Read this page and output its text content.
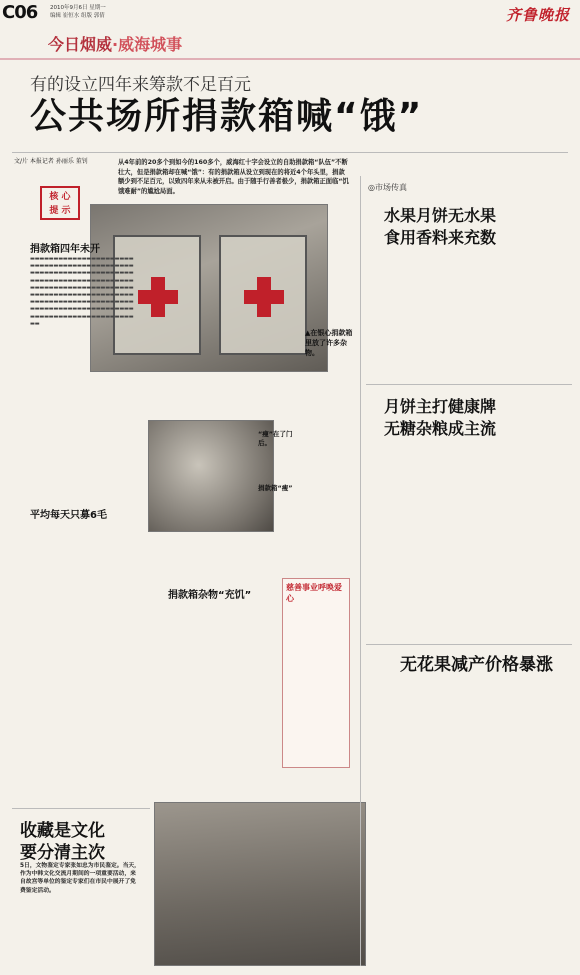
C06	2010年9月6日 星期一
编辑 崔恒水 组版 郭倩	齐鲁晚报
今日烟威·威海城事
有的设立四年来筹款不足百元
公共场所捐款箱喊“饿”
文/片 本报记者 孙丽乐 董钊
核 心 提 示
从4年前的20多个到如今的160多个，威海红十字会设立的自助捐款箱“队伍”不断壮大，但是捐款箱却在喊“饿”：有的捐款箱从设立到现在的将近4个年头里，捐款额少到不足百元，以致四年来从未被开启。由于随手行善者极少，捐款箱正面临“饥饿难耐”的尴尬局面。
▲在银心捐款箱里放了许多杂物。
捐款箱四年未开
▬▬▬▬▬▬▬▬▬▬▬▬▬▬▬▬▬▬▬▬▬▬▬▬▬▬▬▬▬▬▬▬▬▬▬▬▬▬▬▬▬▬▬▬▬▬▬▬▬▬▬▬▬▬▬▬▬▬▬▬▬▬▬▬▬▬▬▬▬▬▬▬▬▬▬▬▬▬▬▬▬▬▬▬▬▬▬▬▬▬▬▬▬▬▬▬▬▬▬▬▬▬▬▬▬▬▬▬▬▬▬▬▬▬▬▬▬▬▬▬▬▬▬▬▬▬▬▬▬▬▬▬▬▬▬▬▬▬▬▬▬▬▬▬▬▬▬▬▬▬▬▬▬▬▬▬▬▬▬▬▬▬▬▬▬▬▬▬▬▬▬▬▬▬▬▬▬▬▬▬▬▬▬▬▬▬▬▬▬▬▬▬▬▬▬▬▬▬▬▬
“瘦”在了门后。
捐款箱“瘦”
平均每天只募6毛
捐款箱杂物“充饥”
慈善事业呼唤爱心
收藏是文化
要分清主次
5日，文物鉴定专家张如忠为市民鉴定。当天，作为中韩文化交流月期间的一项重要活动，来自故宫等单位的鉴定专家们在市民中展开了免费鉴定活动。
◎市场传真
水果月饼无水果
食用香料来充数
月饼主打健康牌
无糖杂粮成主流
无花果减产价格暴涨
